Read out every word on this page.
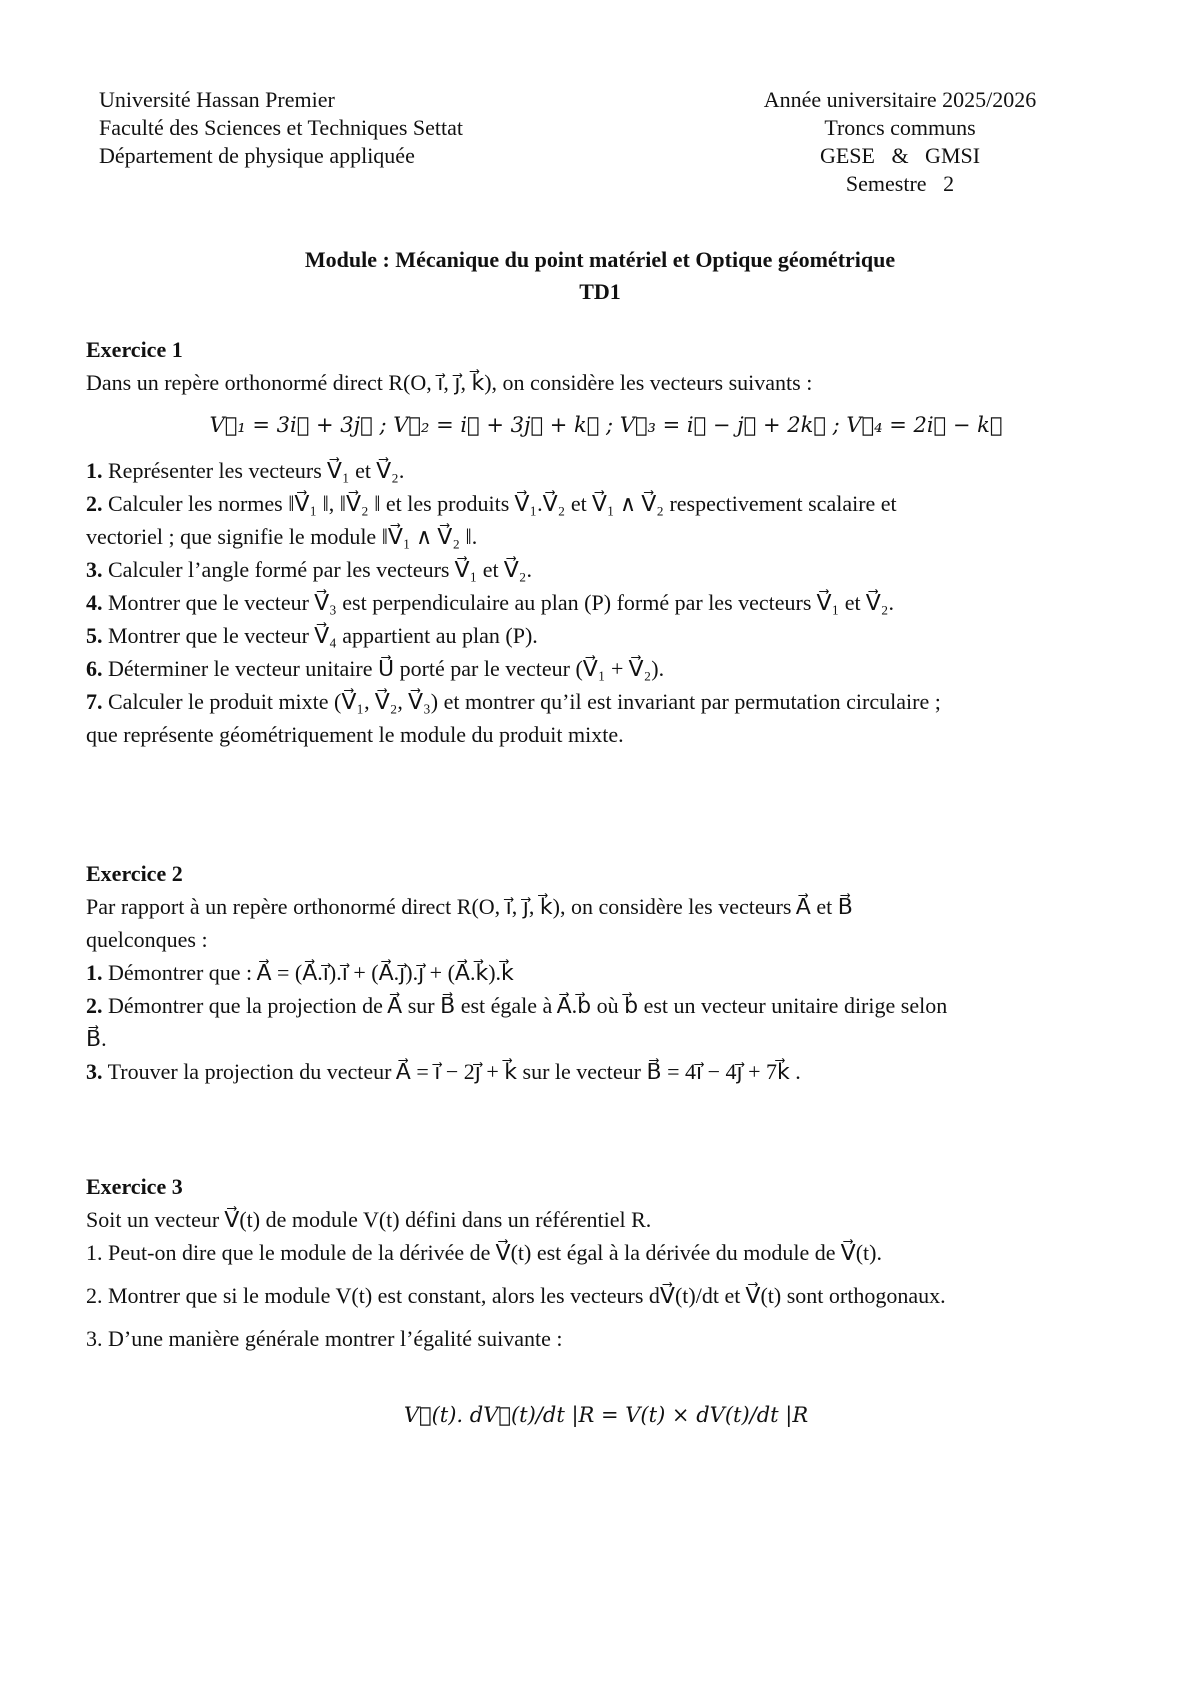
Université Hassan Premier
Faculté des Sciences et Techniques Settat
Département de physique appliquée
Année universitaire 2025/2026
Troncs communs
GESE   &   GMSI
Semestre   2
Module : Mécanique du point matériel et Optique géométrique
TD1
Exercice 1
Dans un repère orthonormé direct R(O, i⃗, j⃗, k⃗), on considère les vecteurs suivants :
V⃗₁ = 3i⃗ + 3j⃗ ; V⃗₂ = i⃗ + 3j⃗ + k⃗ ; V⃗₃ = i⃗ − j⃗ + 2k⃗ ; V⃗₄ = 2i⃗ − k⃗
1. Représenter les vecteurs V⃗₁ et V⃗₂.
2. Calculer les normes ‖V⃗₁ ‖, ‖V⃗₂ ‖ et les produits V⃗₁.V⃗₂ et V⃗₁ ∧ V⃗₂ respectivement scalaire et
vectoriel ; que signifie le module ‖V⃗₁ ∧ V⃗₂ ‖.
3. Calculer l’angle formé par les vecteurs V⃗₁ et V⃗₂.
4. Montrer que le vecteur V⃗₃ est perpendiculaire au plan (P) formé par les vecteurs V⃗₁ et V⃗₂.
5. Montrer que le vecteur V⃗₄ appartient au plan (P).
6. Déterminer le vecteur unitaire U⃗ porté par le vecteur (V⃗₁ + V⃗₂).
7. Calculer le produit mixte (V⃗₁, V⃗₂, V⃗₃) et montrer qu’il est invariant par permutation circulaire ;
que représente géométriquement le module du produit mixte.
Exercice 2
Par rapport à un repère orthonormé direct R(O, i⃗, j⃗, k⃗), on considère les vecteurs A⃗ et B⃗
quelconques :
1. Démontrer que : A⃗ = (A⃗.i⃗).i⃗ + (A⃗.j⃗).j⃗ + (A⃗.k⃗).k⃗
2. Démontrer que la projection de A⃗ sur B⃗ est égale à A⃗.b⃗ où b⃗ est un vecteur unitaire dirige selon
B⃗.
3. Trouver la projection du vecteur A⃗ = i⃗ − 2j⃗ + k⃗ sur le vecteur B⃗ = 4i⃗ − 4j⃗ + 7k⃗ .
Exercice 3
Soit un vecteur V⃗(t) de module V(t) défini dans un référentiel R.
1. Peut-on dire que le module de la dérivée de V⃗(t) est égal à la dérivée du module de V⃗(t).
2. Montrer que si le module V(t) est constant, alors les vecteurs dV⃗(t)/dt et V⃗(t) sont orthogonaux.
3. D’une manière générale montrer l’égalité suivante :
V⃗(t). dV⃗(t)/dt |R = V(t) × dV(t)/dt |R
